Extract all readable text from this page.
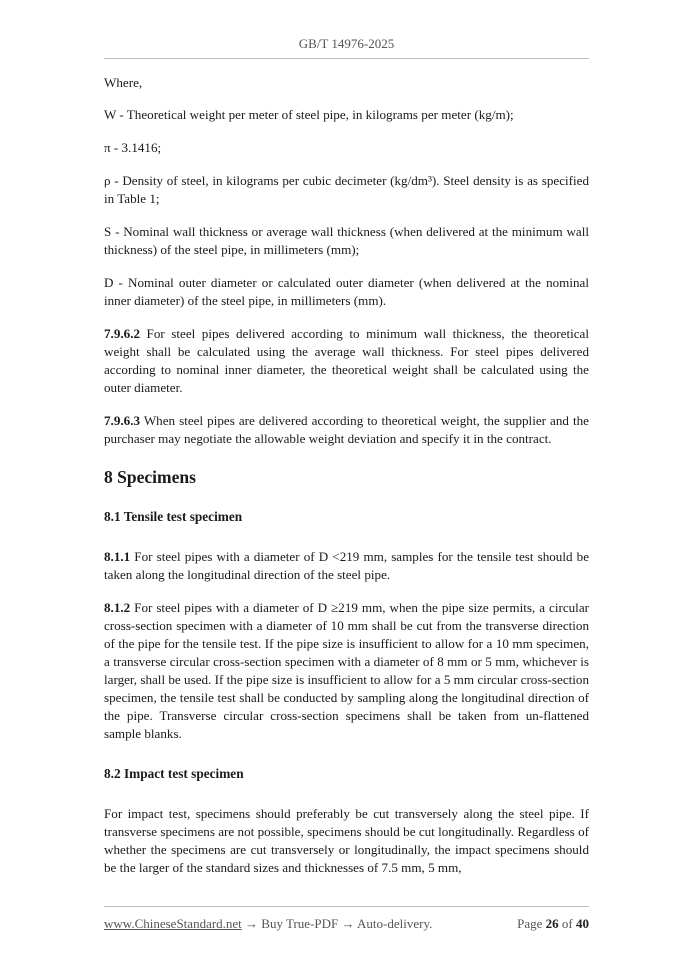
GB/T 14976-2025

Where,

W - Theoretical weight per meter of steel pipe, in kilograms per meter (kg/m);

π - 3.1416;

ρ - Density of steel, in kilograms per cubic decimeter (kg/dm³). Steel density is as specified in Table 1;

S - Nominal wall thickness or average wall thickness (when delivered at the minimum wall thickness) of the steel pipe, in millimeters (mm);

D - Nominal outer diameter or calculated outer diameter (when delivered at the nominal inner diameter) of the steel pipe, in millimeters (mm).

7.9.6.2 For steel pipes delivered according to minimum wall thickness, the theoretical weight shall be calculated using the average wall thickness. For steel pipes delivered according to nominal inner diameter, the theoretical weight shall be calculated using the outer diameter.

7.9.6.3 When steel pipes are delivered according to theoretical weight, the supplier and the purchaser may negotiate the allowable weight deviation and specify it in the contract.

8 Specimens
8.1 Tensile test specimen

8.1.1 For steel pipes with a diameter of D <219 mm, samples for the tensile test should be taken along the longitudinal direction of the steel pipe.

8.1.2 For steel pipes with a diameter of D ≥219 mm, when the pipe size permits, a circular cross-section specimen with a diameter of 10 mm shall be cut from the transverse direction of the pipe for the tensile test. If the pipe size is insufficient to allow for a 10 mm specimen, a transverse circular cross-section specimen with a diameter of 8 mm or 5 mm, whichever is larger, shall be used. If the pipe size is insufficient to allow for a 5 mm circular cross-section specimen, the tensile test shall be conducted by sampling along the longitudinal direction of the pipe. Transverse circular cross-section specimens shall be taken from un-flattened sample blanks.

8.2 Impact test specimen

For impact test, specimens should preferably be cut transversely along the steel pipe. If transverse specimens are not possible, specimens should be cut longitudinally. Regardless of whether the specimens are cut transversely or longitudinally, the impact specimens should be the larger of the standard sizes and thicknesses of 7.5 mm, 5 mm,

www.ChineseStandard.net → Buy True-PDF → Auto-delivery.	Page 26 of 40
